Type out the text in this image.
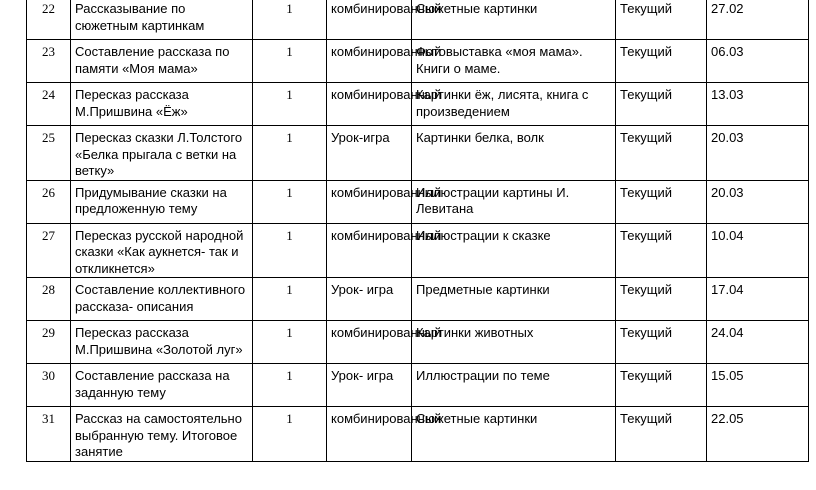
22	Рассказывание по сюжетным картинкам	1	комбинированный	Сюжетные картинки	Текущий	27.02
23	Составление рассказа по памяти «Моя мама»	1	комбинированный	Фотовыставка «моя мама». Книги о маме.	Текущий	06.03
24	Пересказ рассказа М.Пришвина «Ёж»	1	комбинированный	Картинки ёж, лисята, книга с произведением	Текущий	13.03
25	Пересказ сказки Л.Толстого «Белка прыгала с ветки на ветку»	1	Урок-игра	Картинки белка, волк	Текущий	20.03
26	Придумывание сказки на предложенную тему	1	комбинированный	Иллюстрации картины И. Левитана	Текущий	20.03
27	Пересказ русской народной сказки «Как аукнется- так и откликнется»	1	комбинированный	Иллюстрации к сказке	Текущий	10.04
28	Составление коллективного рассказа- описания	1	Урок- игра	Предметные картинки	Текущий	17.04
29	Пересказ рассказа М.Пришвина «Золотой луг»	1	комбинированный	Картинки животных	Текущий	24.04
30	Составление рассказа на заданную тему	1	Урок- игра	Иллюстрации по теме	Текущий	15.05
31	Рассказ на самостоятельно выбранную тему. Итоговое занятие	1	комбинированный	Сюжетные картинки	Текущий	22.05
